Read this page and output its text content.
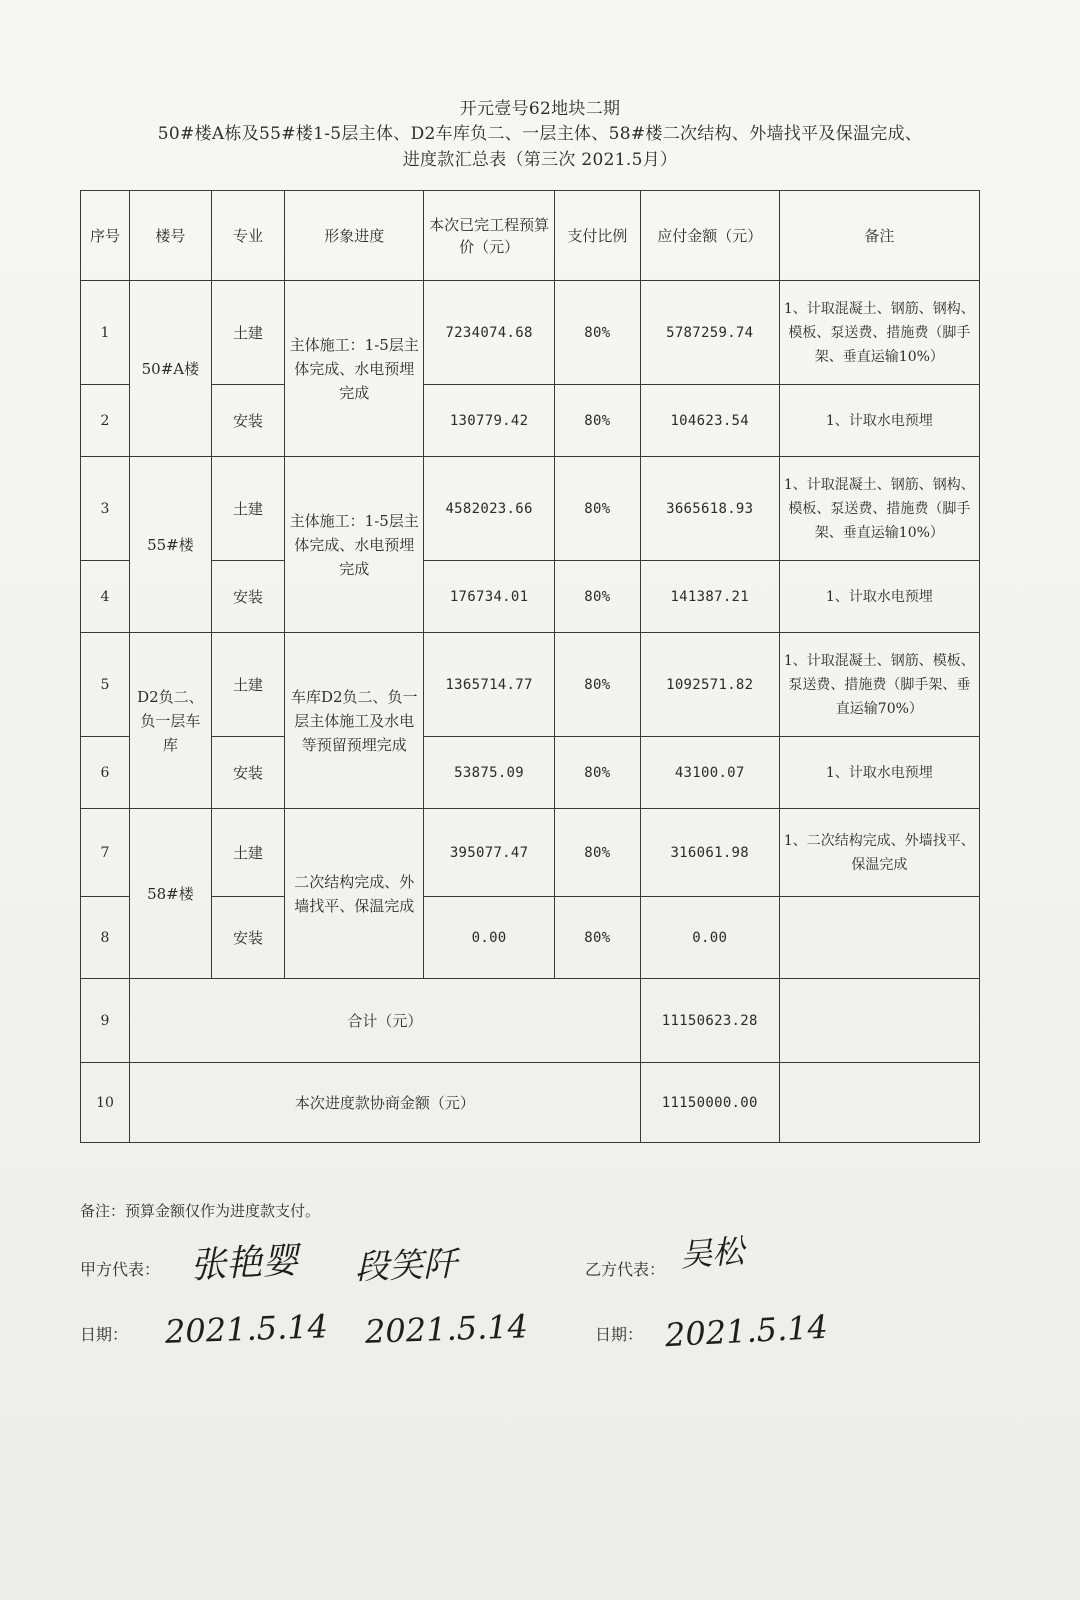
开元壹号62地块二期
50#楼A栋及55#楼1-5层主体、D2车库负二、一层主体、58#楼二次结构、外墙找平及保温完成、
进度款汇总表（第三次 2021.5月）
序号	楼号	专业	形象进度	本次已完工程预算价（元）	支付比例	应付金额（元）	备注
1	50#A楼	土建	主体施工：1-5层主体完成、水电预埋完成	7234074.68	80%	5787259.74	1、计取混凝土、钢筋、钢构、模板、泵送费、措施费（脚手架、垂直运输10%）
2		安装		130779.42	80%	104623.54	1、计取水电预埋
3	55#楼	土建	主体施工：1-5层主体完成、水电预埋完成	4582023.66	80%	3665618.93	1、计取混凝土、钢筋、钢构、模板、泵送费、措施费（脚手架、垂直运输10%）
4		安装		176734.01	80%	141387.21	1、计取水电预埋
5	D2负二、负一层车库	土建	车库D2负二、负一层主体施工及水电等预留预埋完成	1365714.77	80%	1092571.82	1、计取混凝土、钢筋、模板、泵送费、措施费（脚手架、垂直运输70%）
6		安装		53875.09	80%	43100.07	1、计取水电预埋
7	58#楼	土建	二次结构完成、外墙找平、保温完成	395077.47	80%	316061.98	1、二次结构完成、外墙找平、保温完成
8		安装		0.00	80%	0.00	
9	合计（元）					11150623.28	
10	本次进度款协商金额（元）					11150000.00	
备注：预算金额仅作为进度款支付。
甲方代表：	乙方代表：
日期：	日期：
张艳婴 段笑阡	吴松
2021.5.14 2021.5.14	2021.5.14
